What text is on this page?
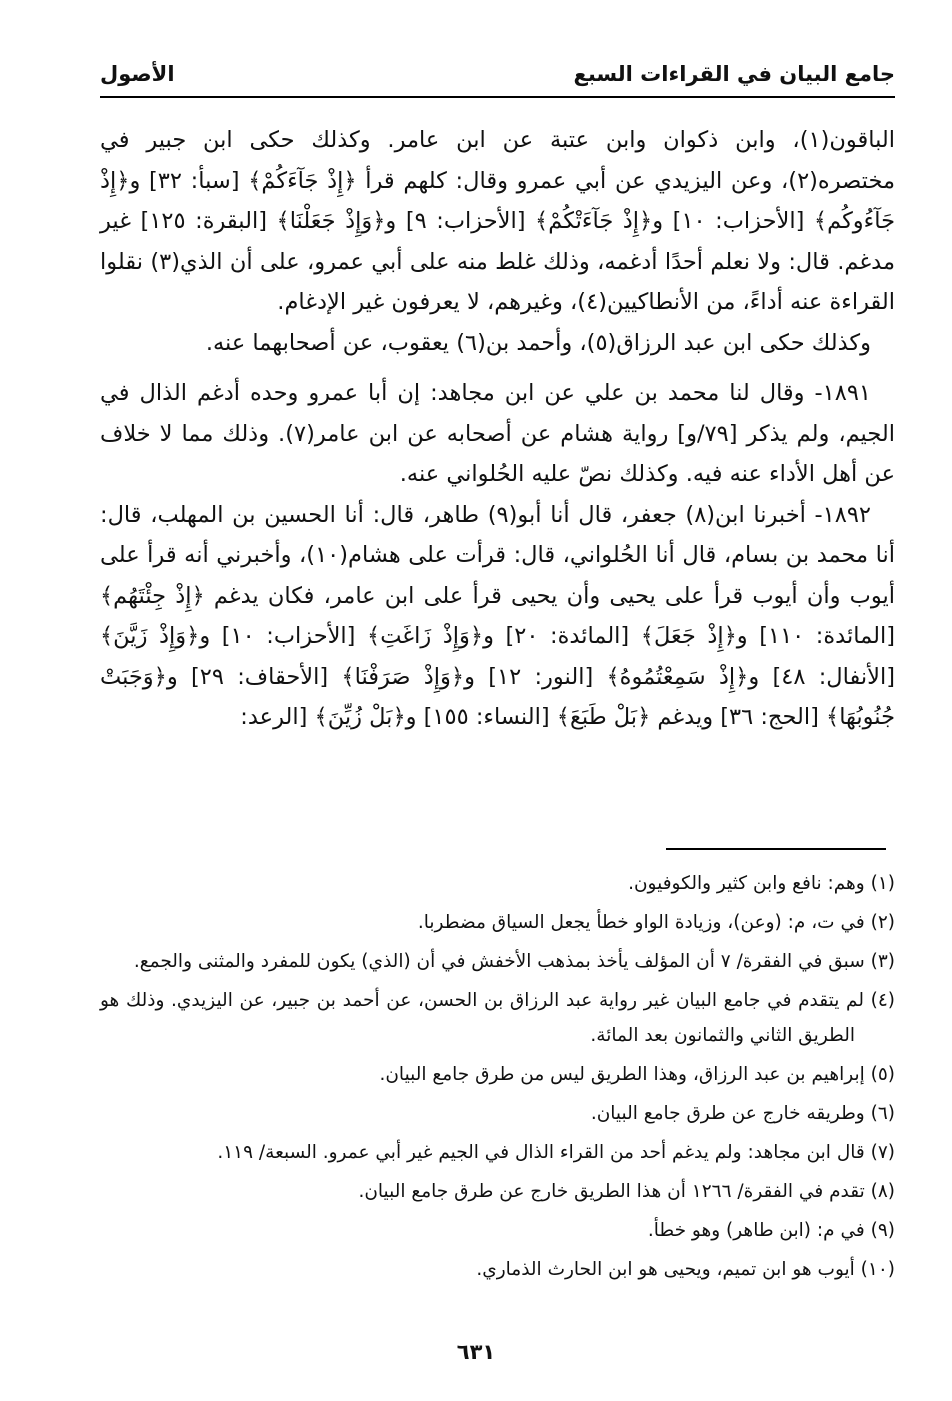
جامع البيان في القراءات السبع
الأصول

الباقون(١)، وابن ذكوان وابن عتبة عن ابن عامر. وكذلك حكى ابن جبير في مختصره(٢)، وعن اليزيدي عن أبي عمرو وقال: كلهم قرأ ﴿إِذْ جَآءَكُمْ﴾ [سبأ: ٣٢] و﴿إِذْ جَآءُوكُم﴾ [الأحزاب: ١٠] و﴿إِذْ جَآءَتْكُمْ﴾ [الأحزاب: ٩] و﴿وَإِذْ جَعَلْنَا﴾ [البقرة: ١٢٥] غير مدغم. قال: ولا نعلم أحدًا أدغمه، وذلك غلط منه على أبي عمرو، على أن الذي(٣) نقلوا القراءة عنه أداءً، من الأنطاكيين(٤)، وغيرهم، لا يعرفون غير الإدغام.

وكذلك حكى ابن عبد الرزاق(٥)، وأحمد بن(٦) يعقوب، عن أصحابهما عنه.

١٨٩١- وقال لنا محمد بن علي عن ابن مجاهد: إن أبا عمرو وحده أدغم الذال في الجيم، ولم يذكر [٧٩/و] رواية هشام عن أصحابه عن ابن عامر(٧). وذلك مما لا خلاف عن أهل الأداء عنه فيه. وكذلك نصّ عليه الحُلواني عنه.

١٨٩٢- أخبرنا ابن(٨) جعفر، قال أنا أبو(٩) طاهر، قال: أنا الحسين بن المهلب، قال: أنا محمد بن بسام، قال أنا الحُلواني، قال: قرأت على هشام(١٠)، وأخبرني أنه قرأ على أيوب وأن أيوب قرأ على يحيى وأن يحيى قرأ على ابن عامر، فكان يدغم ﴿إِذْ جِئْتَهُم﴾ [المائدة: ١١٠] و﴿إِذْ جَعَلَ﴾ [المائدة: ٢٠] و﴿وَإِذْ زَاغَتِ﴾ [الأحزاب: ١٠] و﴿وَإِذْ زَيَّنَ﴾ [الأنفال: ٤٨] و﴿إِذْ سَمِعْتُمُوهُ﴾ [النور: ١٢] و﴿وَإِذْ صَرَفْنَا﴾ [الأحقاف: ٢٩] و﴿وَجَبَتْ جُنُوبُهَا﴾ [الحج: ٣٦] ويدغم ﴿بَلْ طَبَعَ﴾ [النساء: ١٥٥] و﴿بَلْ زُيِّنَ﴾ [الرعد:

(١) وهم: نافع وابن كثير والكوفيون.
(٢) في ت، م: (وعن)، وزيادة الواو خطأ يجعل السياق مضطربا.
(٣) سبق في الفقرة/ ٧ أن المؤلف يأخذ بمذهب الأخفش في أن (الذي) يكون للمفرد والمثنى والجمع.
(٤) لم يتقدم في جامع البيان غير رواية عبد الرزاق بن الحسن، عن أحمد بن جبير، عن اليزيدي. وذلك هو الطريق الثاني والثمانون بعد المائة.
(٥) إبراهيم بن عبد الرزاق، وهذا الطريق ليس من طرق جامع البيان.
(٦) وطريقه خارج عن طرق جامع البيان.
(٧) قال ابن مجاهد: ولم يدغم أحد من القراء الذال في الجيم غير أبي عمرو. السبعة/ ١١٩.
(٨) تقدم في الفقرة/ ١٢٦٦ أن هذا الطريق خارج عن طرق جامع البيان.
(٩) في م: (ابن طاهر) وهو خطأ.
(١٠) أيوب هو ابن تميم، ويحيى هو ابن الحارث الذماري.
٦٣١
